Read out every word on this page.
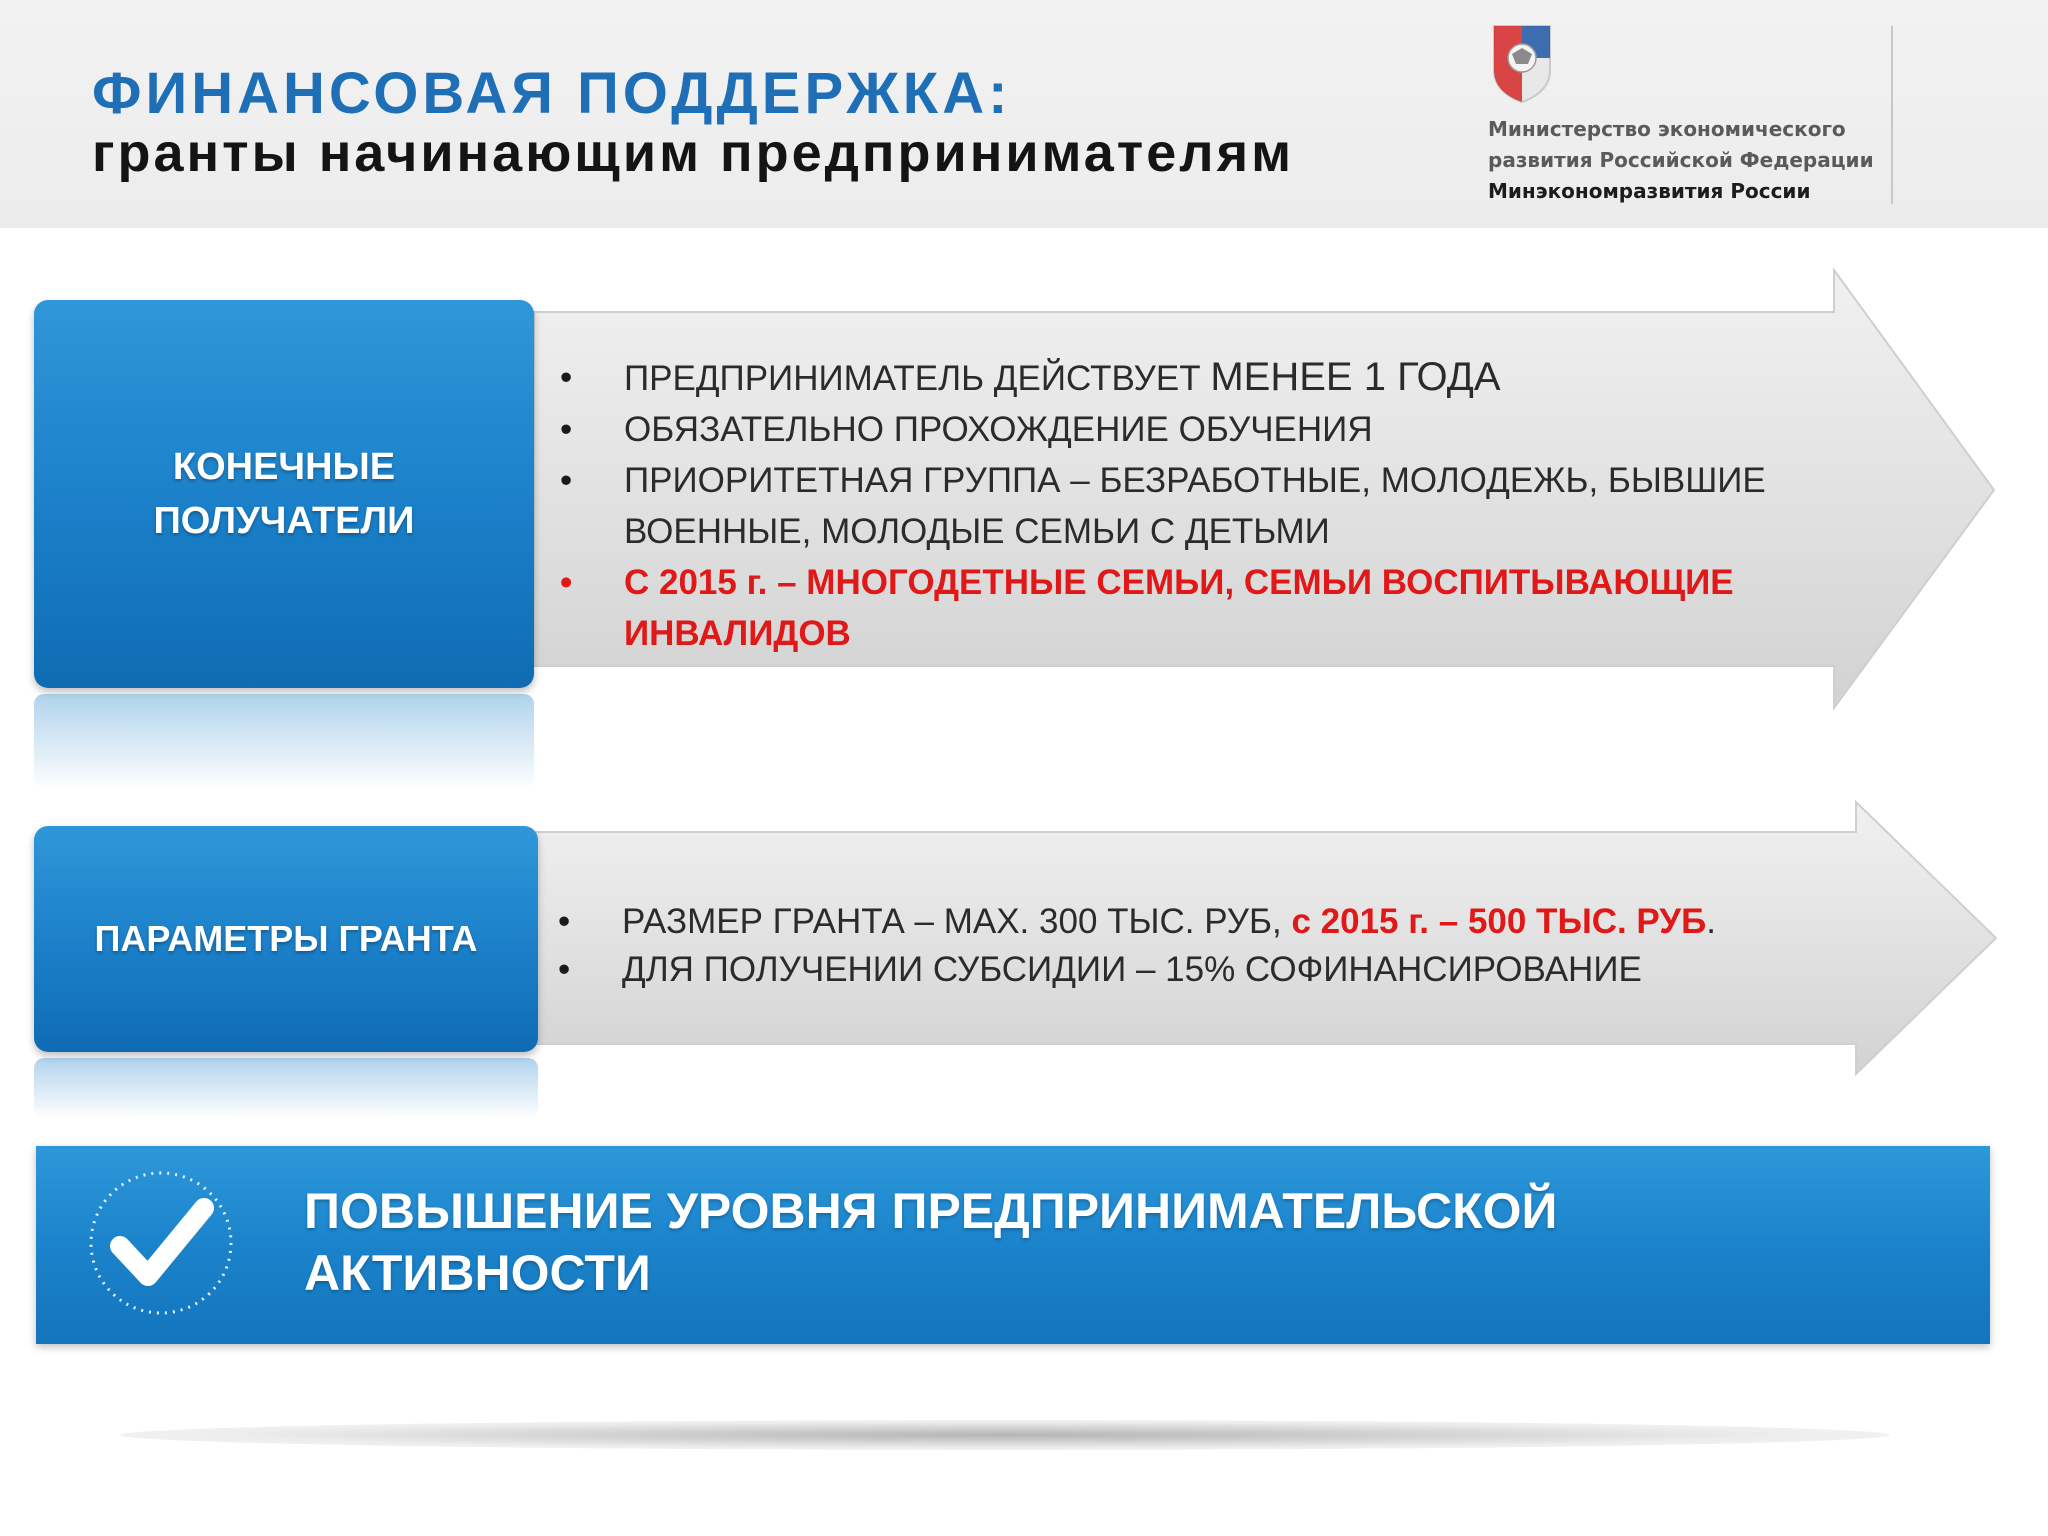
ФИНАНСОВАЯ ПОДДЕРЖКА:
гранты начинающим предпринимателям	Министерство экономического
развития Российской Федерации
Минэкономразвития России
КОНЕЧНЫЕ ПОЛУЧАТЕЛИ
• ПРЕДПРИНИМАТЕЛЬ ДЕЙСТВУЕТ МЕНЕЕ 1 ГОДА
• ОБЯЗАТЕЛЬНО ПРОХОЖДЕНИЕ ОБУЧЕНИЯ
• ПРИОРИТЕТНАЯ ГРУППА – БЕЗРАБОТНЫЕ, МОЛОДЕЖЬ, БЫВШИЕ ВОЕННЫЕ, МОЛОДЫЕ СЕМЬИ С ДЕТЬМИ
• С 2015 г. – МНОГОДЕТНЫЕ СЕМЬИ, СЕМЬИ ВОСПИТЫВАЮЩИЕ ИНВАЛИДОВ
ПАРАМЕТРЫ ГРАНТА
•	РАЗМЕР ГРАНТА – МАХ. 300 ТЫС. РУБ, с 2015 г. – 500 ТЫС. РУБ.
• ДЛЯ ПОЛУЧЕНИИ СУБСИДИИ – 15% СОФИНАНСИРОВАНИЕ
ПОВЫШЕНИЕ УРОВНЯ ПРЕДПРИНИМАТЕЛЬСКОЙ АКТИВНОСТИ
